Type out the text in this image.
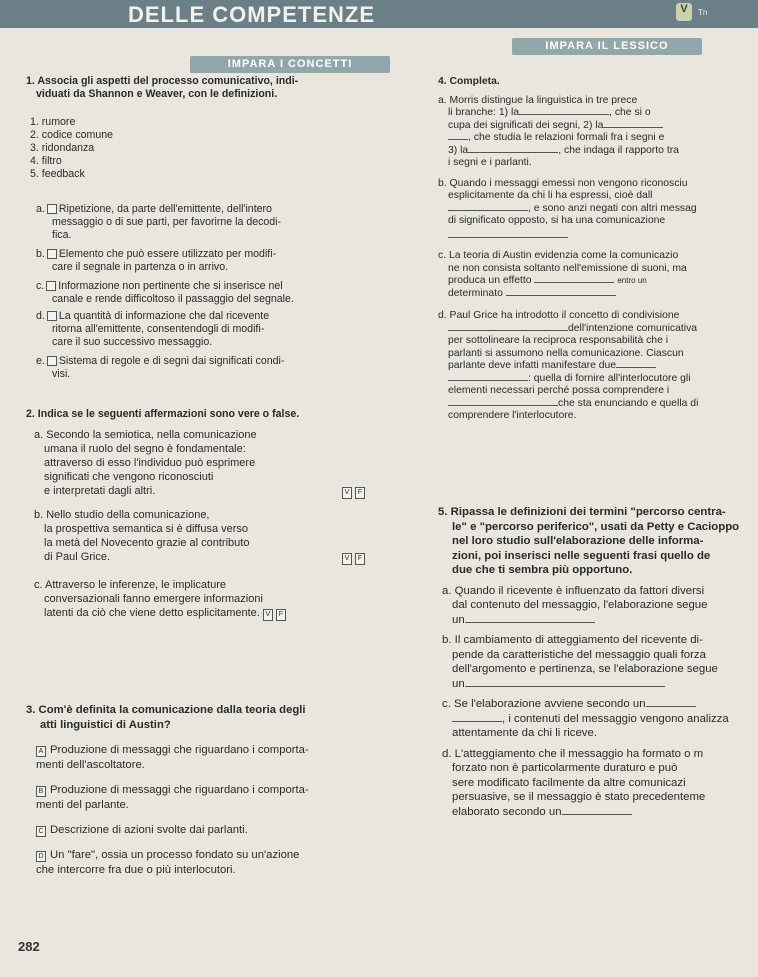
DELLE COMPETENZE	V	Tn
IMPARA I CONCETTI
IMPARA IL LESSICO

1. Associa gli aspetti del processo comunicativo, indi-

viduati da Shannon e Weaver, con le definizioni.

1. rumore

2. codice comune

3. ridondanza

4. filtro

5. feedback

a. Ripetizione, da parte dell'emittente, dell'intero

messaggio o di sue parti, per favorirne la decodi-

fica.

b. Elemento che può essere utilizzato per modifi-

care il segnale in partenza o in arrivo.

c. Informazione non pertinente che si inserisce nel

canale e rende difficoltoso il passaggio del segnale.

d. La quantità di informazione che dal ricevente

ritorna all'emittente, consentendogli di modifi-

care il suo successivo messaggio.

e. Sistema di regole e di segni dai significati condi-

visi.

2. Indica se le seguenti affermazioni sono vere o false.

a. Secondo la semiotica, nella comunicazione

umana il ruolo del segno è fondamentale:

attraverso di esso l'individuo può esprimere

significati che vengono riconosciuti

e interpretati dagli altri.	V F

b. Nello studio della comunicazione,

la prospettiva semantica si è diffusa verso

la metà del Novecento grazie al contributo

di Paul Grice.	V F

c. Attraverso le inferenze, le implicature

conversazionali fanno emergere informazioni

latenti da ciò che viene detto esplicitamente. V F

3. Com'è definita la comunicazione dalla teoria degli

atti linguistici di Austin?

A Produzione di messaggi che riguardano i comporta-

menti dell'ascoltatore.

B Produzione di messaggi che riguardano i comporta-

menti del parlante.

C Descrizione di azioni svolte dai parlanti.

D Un "fare", ossia un processo fondato su un'azione

che intercorre fra due o più interlocutori.

282

4. Completa.

a. Morris distingue la linguistica in tre prece

li branche: 1) la	, che si o

cupa dei significati dei segni, 2) la

, che studia le relazioni formali fra i segni e

3) la	, che indaga il rapporto tra

i segni e i parlanti.

b. Quando i messaggi emessi non vengono riconosciu

esplicitamente da chi li ha espressi, cioè dall

, e sono anzi negati con altri messag

di significato opposto, si ha una comunicazione

c. La teoria di Austin evidenzia come la comunicazio

ne non consista soltanto nell'emissione di suoni, ma

produca un effetto	entro un

determinato

d. Paul Grice ha introdotto il concetto di condivisione

dell'intenzione comunicativa

per sottolineare la reciproca responsabilità che i

parlanti si assumono nella comunicazione. Ciascun

parlante deve infatti manifestare due

: quella di fornire all'interlocutore gli

elementi necessari perché possa comprendere i

che sta enunciando e quella di

comprendere l'interlocutore.

5. Ripassa le definizioni dei termini "percorso centra-

le" e "percorso periferico", usati da Petty e Cacioppo

nel loro studio sull'elaborazione delle informa-

zioni, poi inserisci nelle seguenti frasi quello de

due che ti sembra più opportuno.

a. Quando il ricevente è influenzato da fattori diversi

dal contenuto del messaggio, l'elaborazione segue

un

b. Il cambiamento di atteggiamento del ricevente di-

pende da caratteristiche del messaggio quali forza

dell'argomento e pertinenza, se l'elaborazione segue

un

c. Se l'elaborazione avviene secondo un

, i contenuti del messaggio vengono analizza

attentamente da chi li riceve.

d. L'atteggiamento che il messaggio ha formato o m

forzato non è particolarmente duraturo e può

sere modificato facilmente da altre comunicazi

persuasive, se il messaggio è stato precedenteme

elaborato secondo un
